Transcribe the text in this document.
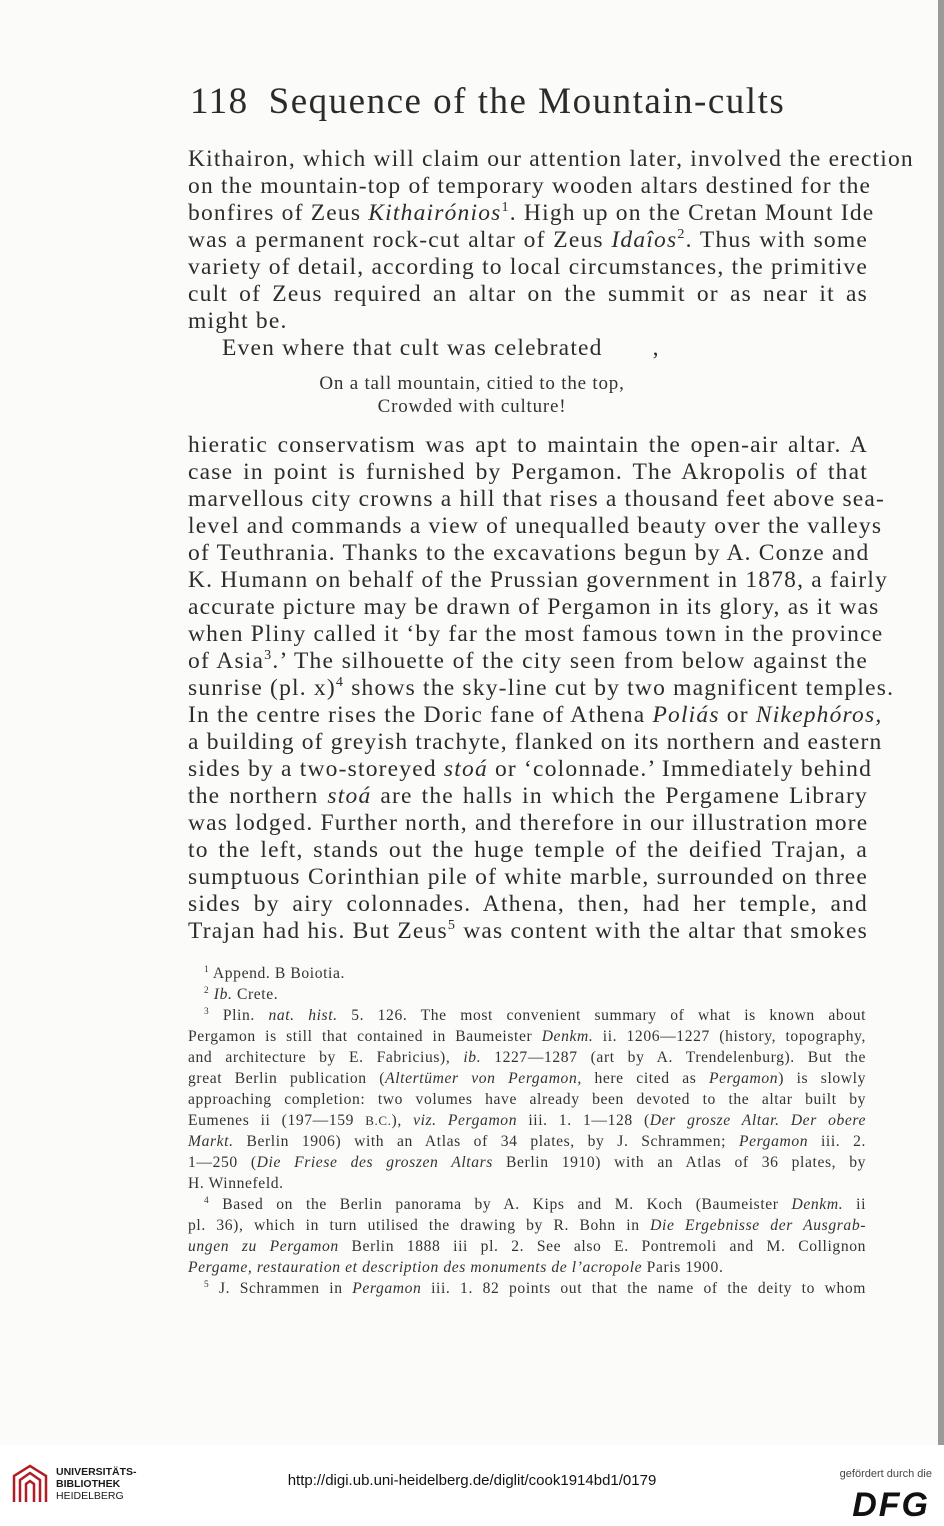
118 Sequence of the Mountain-cults
Kithairon, which will claim our attention later, involved the erection
on the mountain-top of temporary wooden altars destined for the
bonfires of Zeus Kithairónios$^1$. High up on the Cretan Mount Ide
was a permanent rock-cut altar of Zeus Idaîos$^2$. Thus with some
variety of detail, according to local circumstances, the primitive
cult of Zeus required an altar on the summit or as near it as
might be.
Even where that cult was celebrated ,
On a tall mountain, citied to the top,
Crowded with culture!
hieratic conservatism was apt to maintain the open-air altar. A
case in point is furnished by Pergamon. The Akropolis of that
marvellous city crowns a hill that rises a thousand feet above sea-
level and commands a view of unequalled beauty over the valleys
of Teuthrania. Thanks to the excavations begun by A. Conze and
K. Humann on behalf of the Prussian government in 1878, a fairly
accurate picture may be drawn of Pergamon in its glory, as it was
when Pliny called it ‘by far the most famous town in the province
of Asia$^3$.’ The silhouette of the city seen from below against the
sunrise (pl. x)$^4$ shows the sky-line cut by two magnificent temples.
In the centre rises the Doric fane of Athena Poliás or Nikephóros,
a building of greyish trachyte, flanked on its northern and eastern
sides by a two-storeyed stoá or ‘colonnade.’ Immediately behind
the northern stoá are the halls in which the Pergamene Library
was lodged. Further north, and therefore in our illustration more
to the left, stands out the huge temple of the deified Trajan, a
sumptuous Corinthian pile of white marble, surrounded on three
sides by airy colonnades. Athena, then, had her temple, and
Trajan had his. But Zeus$^5$ was content with the altar that smokes
$^1$ Append. B Boiotia.
$^2$ Ib. Crete.
$^3$ Plin. nat. hist. 5. 126. The most convenient summary of what is known about
Pergamon is still that contained in Baumeister Denkm. ii. 1206—1227 (history, topography,
and architecture by E. Fabricius), ib. 1227—1287 (art by A. Trendelenburg). But the
great Berlin publication (Altertümer von Pergamon, here cited as Pergamon) is slowly
approaching completion: two volumes have already been devoted to the altar built by
Eumenes ii (197—159 B.C.), viz. Pergamon iii. 1. 1—128 (Der grosze Altar. Der obere
Markt. Berlin 1906) with an Atlas of 34 plates, by J. Schrammen; Pergamon iii. 2.
1—250 (Die Friese des groszen Altars Berlin 1910) with an Atlas of 36 plates, by
H. Winnefeld.
$^4$ Based on the Berlin panorama by A. Kips and M. Koch (Baumeister Denkm. ii
pl. 36), which in turn utilised the drawing by R. Bohn in Die Ergebnisse der Ausgrab-
ungen zu Pergamon Berlin 1888 iii pl. 2. See also E. Pontremoli and M. Collignon
Pergame, restauration et description des monuments de l’acropole Paris 1900.
$^5$ J. Schrammen in Pergamon iii. 1. 82 points out that the name of the deity to whom
UNIVERSITÄTS-
BIBLIOTHEK
HEIDELBERG
http://digi.ub.uni-heidelberg.de/diglit/cook1914bd1/0179	gefördert durch die
DFG
